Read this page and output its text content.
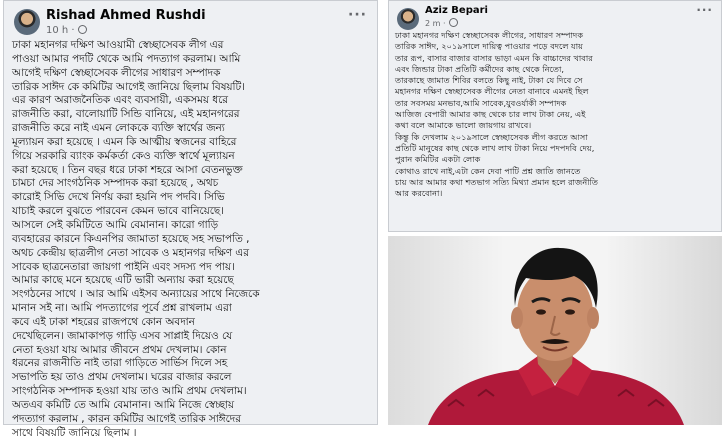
Rishad Ahmed Rushdi
10 h ·
···
ঢাকা মহানগর দক্ষিণ আওয়ামী স্বেচ্ছাসেবক লীগ এর
পাওয়া আমার পদটি থেকে আমি পদত্যাগ করলাম। আমি
আগেই দক্ষিণ স্বেচ্ছাসেবক লীগের সাধারণ সম্পাদক
তারিক সাঈদ কে কমিটির আগেই জানিয়ে ছিলাম বিষয়টি।
এর কারণ অরাজনৈতিক এবং ব্যবসায়ী, একসময় ধরে
রাজনীতি করা, বালোয়াটি সিন্ডি বানিয়ে, এই মহানগরের
রাজনীতি করে নাই এমন লোককে ব্যক্তি স্বার্থের জন্য
মূল্যায়ন করা হয়েছে । এমন কি আত্মীয় স্বজনের বাহিরে
গিয়ে সরকারি ব্যাংক কর্মকর্তা কেও ব্যক্তি স্বার্থে মূল্যায়ন
করা হয়েছে । তিন বছর ধরে ঢাকা শহরে আসা বেতনভুক্ত
চামচা দের সাংগঠনিক সম্পাদক করা হয়েছে , অথচ
কারোই সিভি দেখে নির্ণয় করা হয়নি পদ পদবি। সিভি
যাচাই করলে বুঝতে পারবেন কেমন ভাবে বানিয়েছে।
আসলে সেই কমিটিতে আমি বেমানান। কারো গাড়ি
ব্যবহারের কারনে কিএনপির জামাতা হয়েছে সহ সভাপতি ,
অথচ কেন্দ্রীয় ছাত্রলীগ নেতা সাবেক ও মহানগর দক্ষিণ এর
সাবেক ছাত্রনেতারা জায়গা পাইনি এবং সদস্য পদ পায়।
আমার কাছে মনে হয়েছে এটি ভারী অন্যায় করা হয়েছে
সংগঠনের সাথে । আর আমি এইসব অন্যায়ের সাথে নিজেকে
মানান সই না। আমি পদত্যাগের পূর্বে প্রশ্ন রাখলাম এরা
কবে এই ঢাকা শহরের রাজপথে কোন অবদান
দেখেছিলেন। জামাকাপড় গাড়ি এসব সাপ্লাই দিয়েও যে
নেতা হওয়া যায় আমার জীবনে প্রথম দেখলাম। কোন
ধরনের রাজনীতি নাই তারা গাড়িতে সার্ভিস দিলে সহ
সভাপতি হয় তাও প্রথম দেখলাম। ঘরের বাজার করলে
সাংগঠনিক সম্পাদক হওয়া যায় তাও আমি প্রথম দেখলাম।
অতএব কমিটি তে আমি বেমানান। আমি নিজে স্বেচ্ছায়
পদত্যাগ করলাম , কারন কমিটির আগেই তারিক সাঈদের
সাথে বিষয়টি জানিয়ে ছিলাম ।
Aziz Bepari
2 m ·
···
ঢাকা মহানগর দক্ষিণ স্বেচ্ছাসেবক লীগের, সাধারণ সম্পাদক
তারিক সাঈদ, ২০১৯সালে দায়িত্ব পাওয়ার পড়ে বদলে যায়
তার রূপ, বাসার বাজার বাসার ভাড়া এমন কি বাচ্চাদের খাবার
এবং জিন্ডার টাকা প্রতিটি কর্মীদের কাছ থেকে নিতো,
তারকাছে জামাত শিবির বলতে কিছু নাই, টাকা যে দিবে সে
মহানগর দক্ষিণ স্বেচ্ছাসেবক লীগের নেতা বানাবে এমনই ছিল
তার সবসময় মনভাব,আমি সাবেক,যুবওর্যাকী সম্পাদক
আজিজ বেপারী আমার কাছ থেকে চার লাখ টাকা নেয়, এই
কথা বলে আমাকে ভালো জায়গায় রাখবে।
কিন্তু কি দেখলাম ২০১৯সালে স্বেচ্ছাসেবক লীগ করতে আসা
প্রতিটি মানুষের কাছ থেকে লাখ লাখ টাকা নিয়ে পদপদবি দেয়,
পুরান কমিটির একটা লোক
কোথাও রাখে নাই,এটা কেন দেবা পাটি প্রশ্ন জাতি জানতে
চায় আর আমার কথা শতভাগ সত্যি মিথ্যা প্রমান হলে রাজনীতি
আর করবোনা।
